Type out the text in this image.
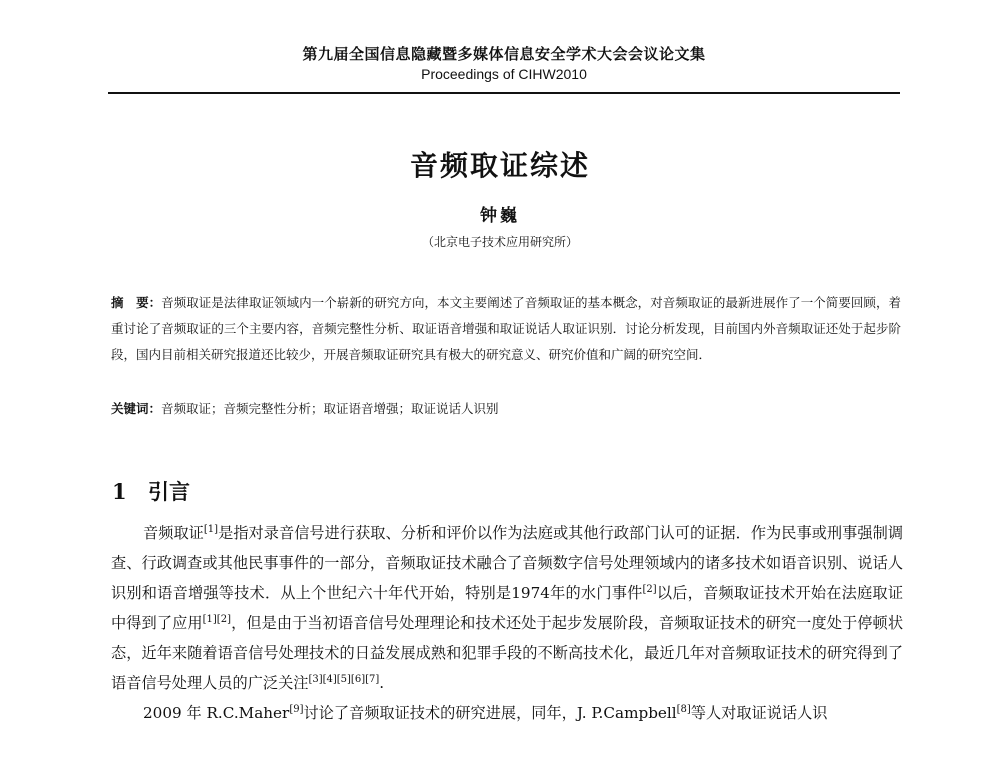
第九届全国信息隐藏暨多媒体信息安全学术大会会议论文集
Proceedings of CIHW2010
音频取证综述
钟巍
（北京电子技术应用研究所）
摘　要：音频取证是法律取证领域内一个崭新的研究方向，本文主要阐述了音频取证的基本概念，对音频取证的最新进展作了一个简要回顾，着重讨论了音频取证的三个主要内容，音频完整性分析、取证语音增强和取证说话人取证识别．讨论分析发现，目前国内外音频取证还处于起步阶段，国内目前相关研究报道还比较少，开展音频取证研究具有极大的研究意义、研究价值和广阔的研究空间．
关键词：音频取证；音频完整性分析；取证语音增强；取证说话人识别
1 引言

音频取证[1]是指对录音信号进行获取、分析和评价以作为法庭或其他行政部门认可的证据．作为民事或刑事强制调查、行政调查或其他民事事件的一部分，音频取证技术融合了音频数字信号处理领域内的诸多技术如语音识别、说话人识别和语音增强等技术．从上个世纪六十年代开始，特别是1974年的水门事件[2]以后，音频取证技术开始在法庭取证中得到了应用[1][2]，但是由于当初语音信号处理理论和技术还处于起步发展阶段，音频取证技术的研究一度处于停顿状态，近年来随着语音信号处理技术的日益发展成熟和犯罪手段的不断高技术化，最近几年对音频取证技术的研究得到了语音信号处理人员的广泛关注[3][4][5][6][7].

2009 年 R.C.Maher[9]讨论了音频取证技术的研究进展，同年，J. P.Campbell[8]等人对取证说话人识
